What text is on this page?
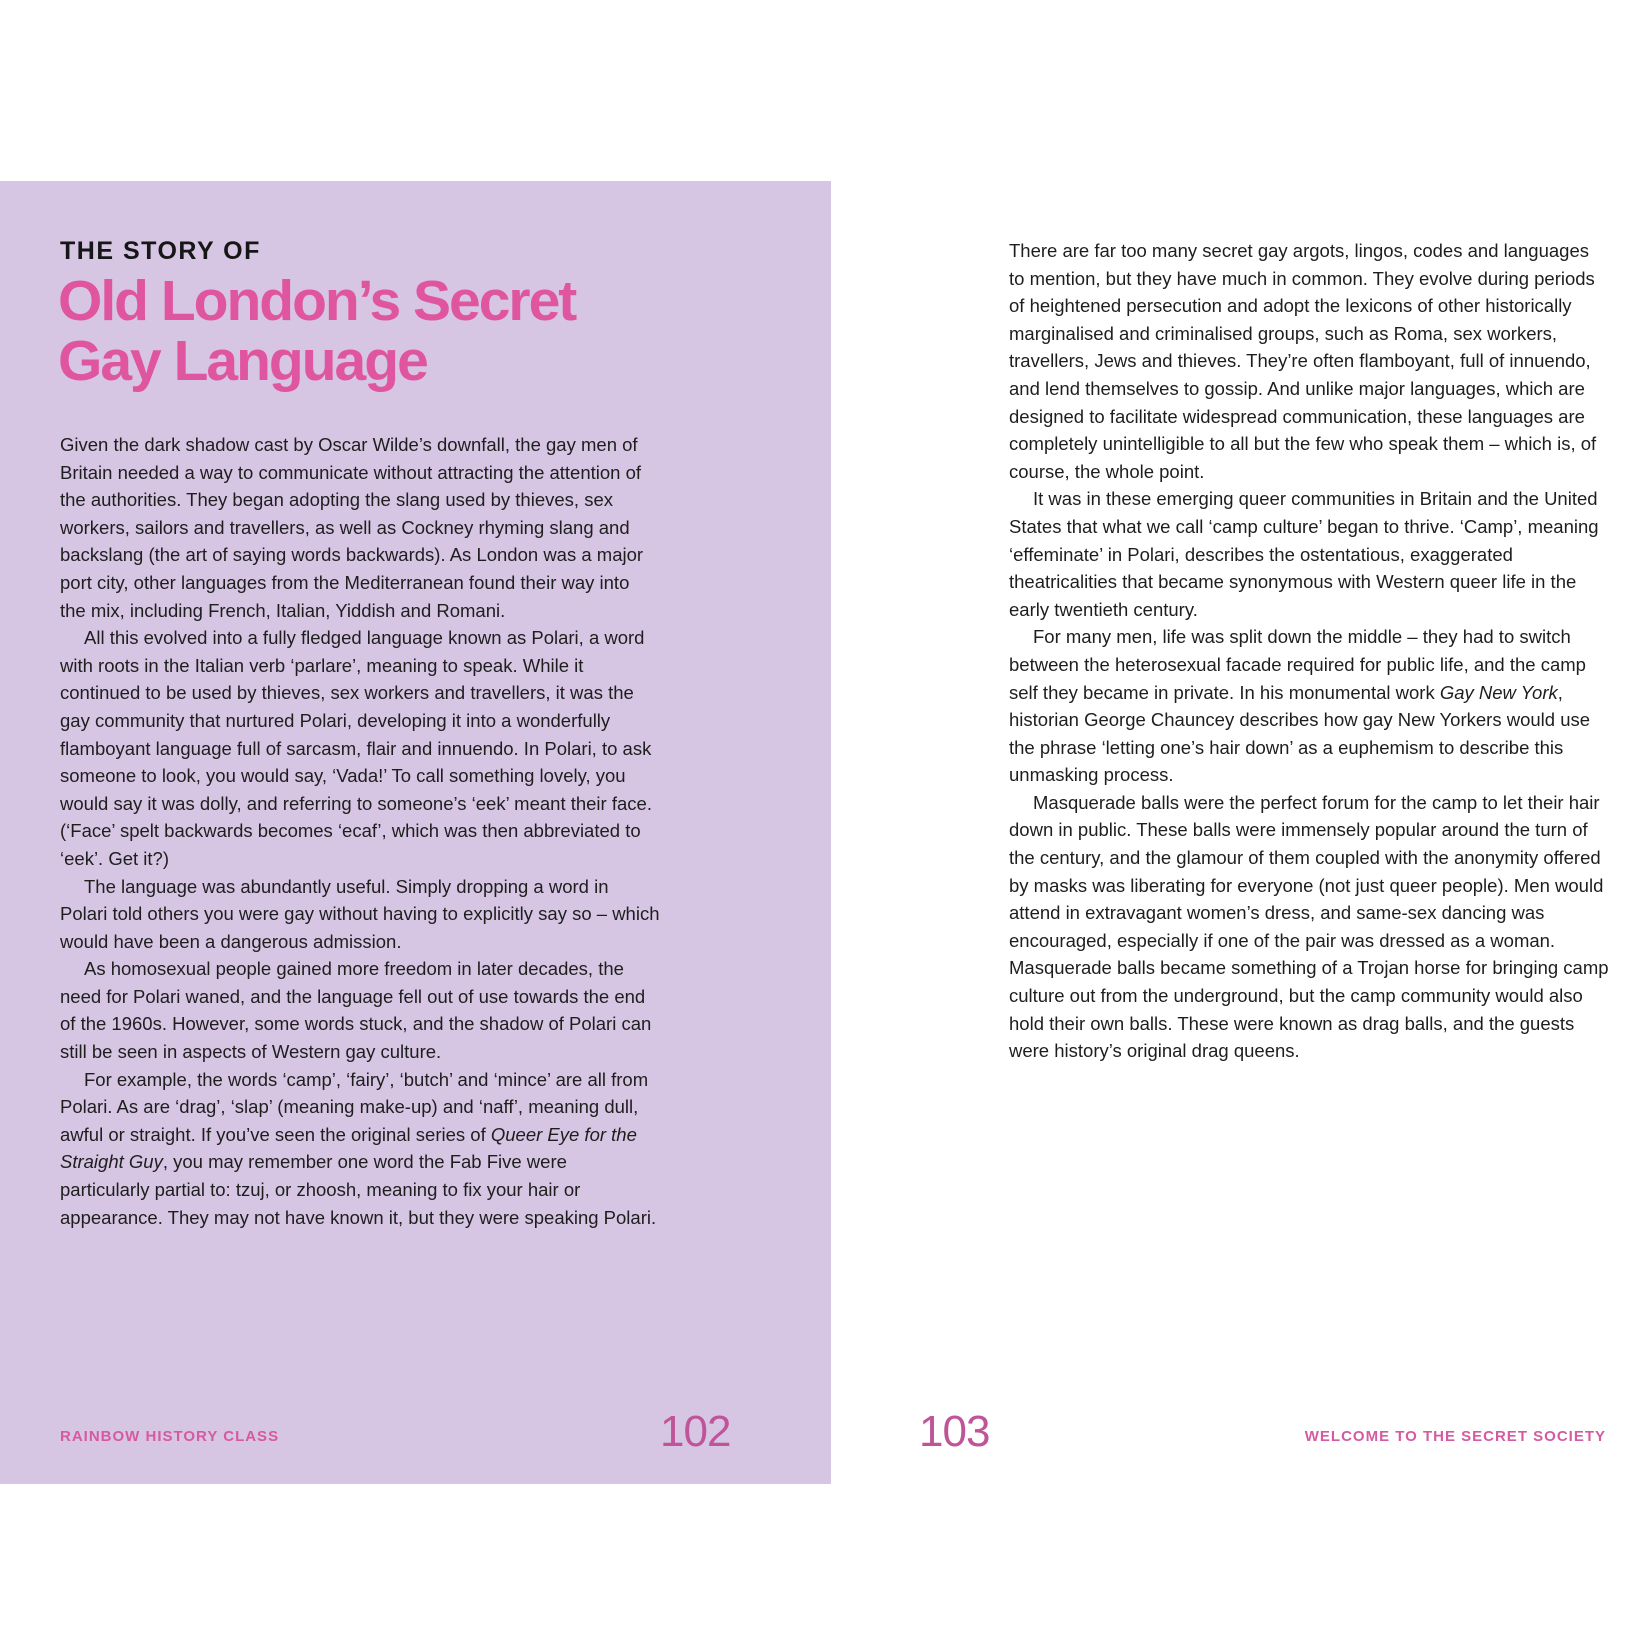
THE STORY OF
Old London’s Secret
Gay Language

Given the dark shadow cast by Oscar Wilde’s downfall, the gay men of Britain needed a way to communicate without attracting the attention of the authorities. They began adopting the slang used by thieves, sex workers, sailors and travellers, as well as Cockney rhyming slang and backslang (the art of saying words backwards). As London was a major port city, other languages from the Mediterranean found their way into the mix, including French, Italian, Yiddish and Romani.

All this evolved into a fully fledged language known as Polari, a word with roots in the Italian verb ‘parlare’, meaning to speak. While it continued to be used by thieves, sex workers and travellers, it was the gay community that nurtured Polari, developing it into a wonderfully flamboyant language full of sarcasm, flair and innuendo. In Polari, to ask someone to look, you would say, ‘Vada!’ To call something lovely, you would say it was dolly, and referring to someone’s ‘eek’ meant their face. (‘Face’ spelt backwards becomes ‘ecaf’, which was then abbreviated to ‘eek’. Get it?)

The language was abundantly useful. Simply dropping a word in Polari told others you were gay without having to explicitly say so – which would have been a dangerous admission.

As homosexual people gained more freedom in later decades, the need for Polari waned, and the language fell out of use towards the end of the 1960s. However, some words stuck, and the shadow of Polari can still be seen in aspects of Western gay culture.

For example, the words ‘camp’, ‘fairy’, ‘butch’ and ‘mince’ are all from Polari. As are ‘drag’, ‘slap’ (meaning make-up) and ‘naff’, meaning dull, awful or straight. If you’ve seen the original series of Queer Eye for the Straight Guy, you may remember one word the Fab Five were particularly partial to: tzuj, or zhoosh, meaning to fix your hair or appearance. They may not have known it, but they were speaking Polari.

RAINBOW HISTORY CLASS	102

There are far too many secret gay argots, lingos, codes and languages to mention, but they have much in common. They evolve during periods of heightened persecution and adopt the lexicons of other historically marginalised and criminalised groups, such as Roma, sex workers, travellers, Jews and thieves. They’re often flamboyant, full of innuendo, and lend themselves to gossip. And unlike major languages, which are designed to facilitate widespread communication, these languages are completely unintelligible to all but the few who speak them – which is, of course, the whole point.

It was in these emerging queer communities in Britain and the United States that what we call ‘camp culture’ began to thrive. ‘Camp’, meaning ‘effeminate’ in Polari, describes the ostentatious, exaggerated theatricalities that became synonymous with Western queer life in the early twentieth century.

For many men, life was split down the middle – they had to switch between the heterosexual facade required for public life, and the camp self they became in private. In his monumental work Gay New York, historian George Chauncey describes how gay New Yorkers would use the phrase ‘letting one’s hair down’ as a euphemism to describe this unmasking process.

Masquerade balls were the perfect forum for the camp to let their hair down in public. These balls were immensely popular around the turn of the century, and the glamour of them coupled with the anonymity offered by masks was liberating for everyone (not just queer people). Men would attend in extravagant women’s dress, and same-sex dancing was encouraged, especially if one of the pair was dressed as a woman. Masquerade balls became something of a Trojan horse for bringing camp culture out from the underground, but the camp community would also hold their own balls. These were known as drag balls, and the guests were history’s original drag queens.

103	WELCOME TO THE SECRET SOCIETY
